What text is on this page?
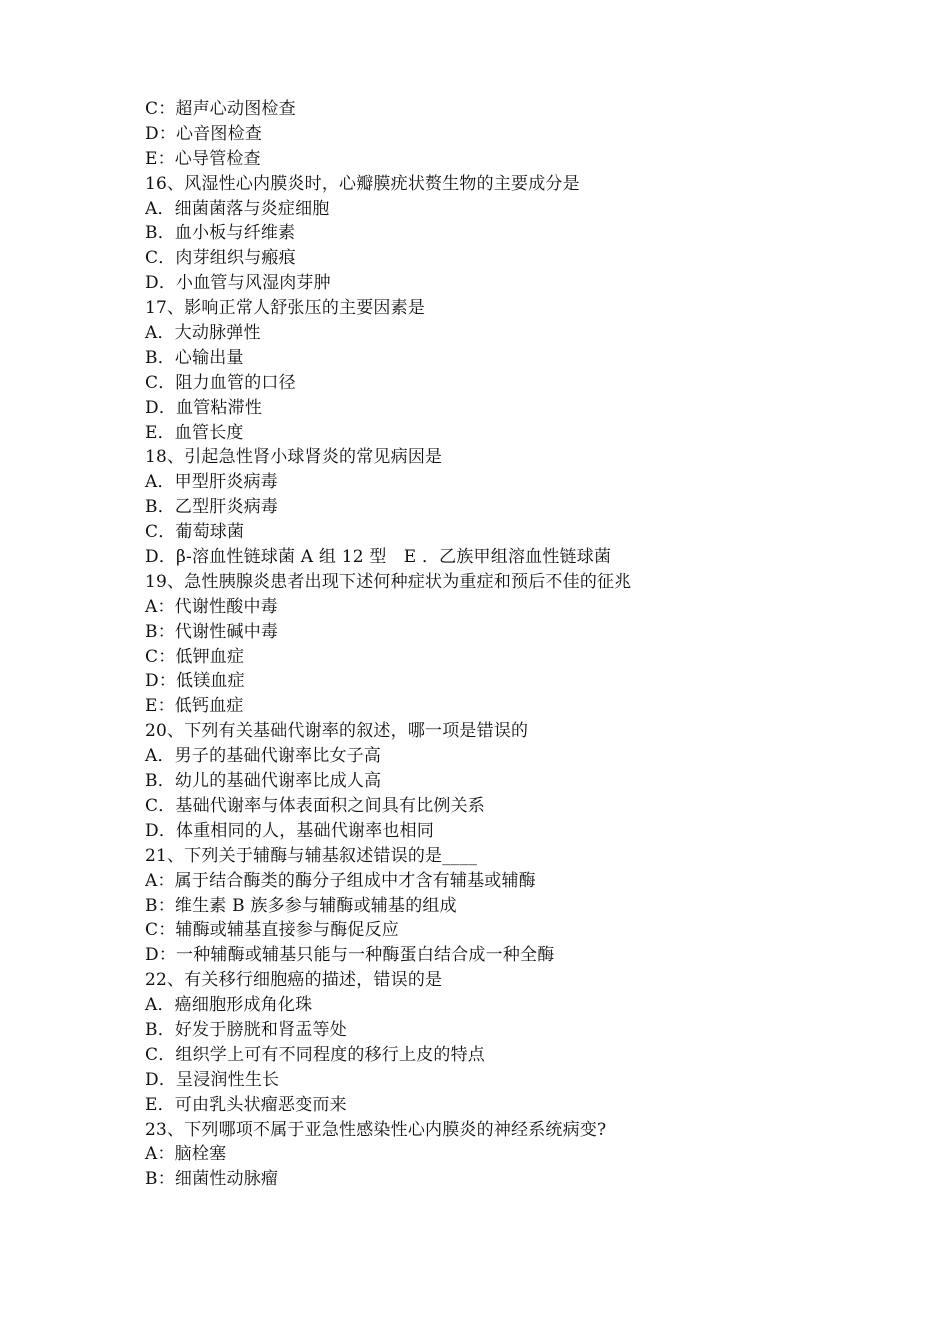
C：超声心动图检查
D：心音图检查
E：心导管检查
16、风湿性心内膜炎时，心瓣膜疣状赘生物的主要成分是
A．细菌菌落与炎症细胞
B．血小板与纤维素
C．肉芽组织与瘢痕
D．小血管与风湿肉芽肿
17、影响正常人舒张压的主要因素是
A．大动脉弹性
B．心输出量
C．阻力血管的口径
D．血管粘滞性
E．血管长度
18、引起急性肾小球肾炎的常见病因是
A．甲型肝炎病毒
B．乙型肝炎病毒
C．葡萄球菌
D．β-溶血性链球菌 A 组 12 型　E ．乙族甲组溶血性链球菌
19、急性胰腺炎患者出现下述何种症状为重症和预后不佳的征兆
A：代谢性酸中毒
B：代谢性碱中毒
C：低钾血症
D：低镁血症
E：低钙血症
20、下列有关基础代谢率的叙述，哪一项是错误的
A．男子的基础代谢率比女子高
B．幼儿的基础代谢率比成人高
C．基础代谢率与体表面积之间具有比例关系
D．体重相同的人，基础代谢率也相同
21、下列关于辅酶与辅基叙述错误的是____
A：属于结合酶类的酶分子组成中才含有辅基或辅酶
B：维生素 B 族多参与辅酶或辅基的组成
C：辅酶或辅基直接参与酶促反应
D：一种辅酶或辅基只能与一种酶蛋白结合成一种全酶
22、有关移行细胞癌的描述，错误的是
A．癌细胞形成角化珠
B．好发于膀胱和肾盂等处
C．组织学上可有不同程度的移行上皮的特点
D．呈浸润性生长
E．可由乳头状瘤恶变而来
23、下列哪项不属于亚急性感染性心内膜炎的神经系统病变?
A：脑栓塞
B：细菌性动脉瘤
